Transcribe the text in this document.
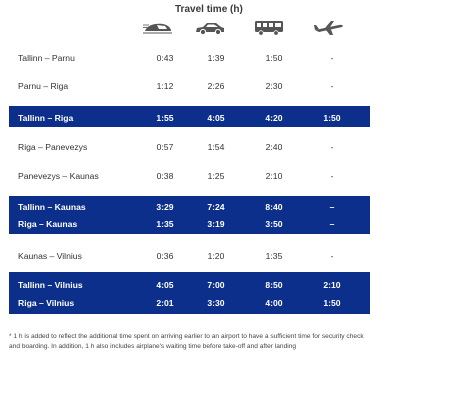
Travel time (h)
Tallinn – Parnu	0:43	1:39	1:50	-
Parnu – Riga	1:12	2:26	2:30	-
Tallinn – Riga	1:55	4:05	4:20	1:50
Riga – Panevezys	0:57	1:54	2:40	-
Panevezys – Kaunas	0:38	1:25	2:10	-
Tallinn – Kaunas	3:29	7:24	8:40	–
Riga – Kaunas	1:35	3:19	3:50	–
Kaunas – Vilnius	0:36	1:20	1:35	-
Tallinn – Vilnius	4:05	7:00	8:50	2:10
Riga – Vilnius	2:01	3:30	4:00	1:50
* 1 h is added to reflect the additional time spent on arriving earlier to an airport to have a sufficient time for security check and boarding. In addition, 1 h also includes airplane's waiting time before take-off and after landing
